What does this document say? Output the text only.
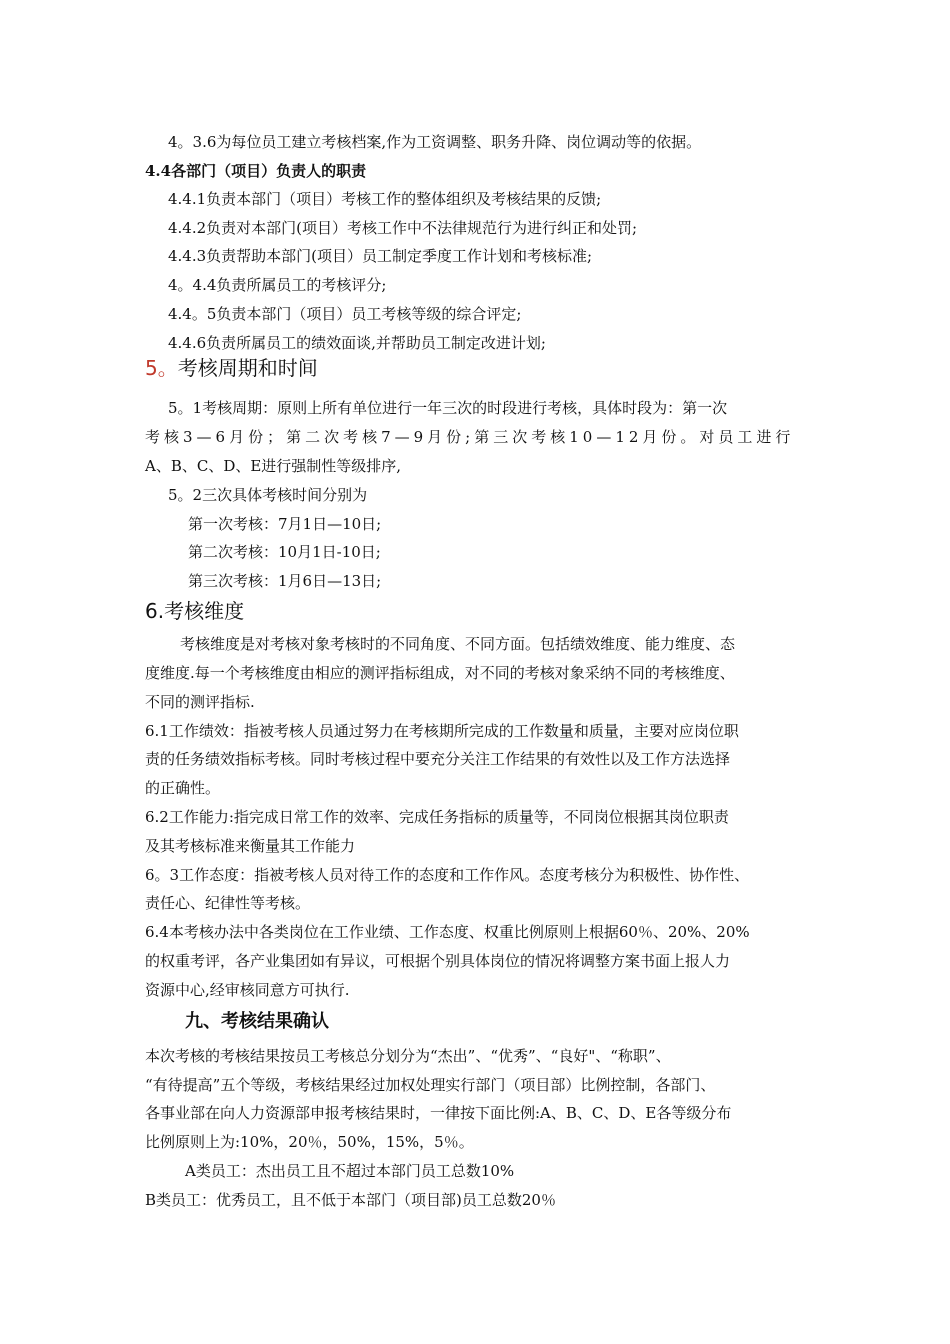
4。3.6为每位员工建立考核档案,作为工资调整、职务升降、岗位调动等的依据。
4.4各部门（项目）负责人的职责
4.4.1负责本部门（项目）考核工作的整体组织及考核结果的反馈;
4.4.2负责对本部门(项目）考核工作中不法律规范行为进行纠正和处罚;
4.4.3负责帮助本部门(项目）员工制定季度工作计划和考核标准;
4。4.4负责所属员工的考核评分;
4.4。5负责本部门（项目）员工考核等级的综合评定;
4.4.6负责所属员工的绩效面谈,并帮助员工制定改进计划;
5。考核周期和时间
5。1考核周期：原则上所有单位进行一年三次的时段进行考核，具体时段为：第一次
考核3—6月份；第二次考核7—9月份;第三次考核10—12月份。对员工进行
A、B、C、D、E进行强制性等级排序,
5。2三次具体考核时间分别为
第一次考核：7月1日—10日;
第二次考核：10月1日-10日;
第三次考核：1月6日—13日;
6.考核维度
考核维度是对考核对象考核时的不同角度、不同方面。包括绩效维度、能力维度、态
度维度.每一个考核维度由相应的测评指标组成，对不同的考核对象采纳不同的考核维度、
不同的测评指标.
6.1工作绩效：指被考核人员通过努力在考核期所完成的工作数量和质量，主要对应岗位职
责的任务绩效指标考核。同时考核过程中要充分关注工作结果的有效性以及工作方法选择
的正确性。
6.2工作能力:指完成日常工作的效率、完成任务指标的质量等，不同岗位根据其岗位职责
及其考核标准来衡量其工作能力
6。3工作态度：指被考核人员对待工作的态度和工作作风。态度考核分为积极性、协作性、
责任心、纪律性等考核。
6.4本考核办法中各类岗位在工作业绩、工作态度、权重比例原则上根据60％、20%、20%
的权重考评，各产业集团如有异议，可根据个别具体岗位的情况将调整方案书面上报人力
资源中心,经审核同意方可执行.
九、考核结果确认
本次考核的考核结果按员工考核总分划分为“杰出”、“优秀”、“良好"、“称职”、
“有待提高”五个等级，考核结果经过加权处理实行部门（项目部）比例控制，各部门、
各事业部在向人力资源部申报考核结果时，一律按下面比例:A、B、C、D、E各等级分布
比例原则上为:10%，20％，50%，15%，5％。
A类员工：杰出员工且不超过本部门员工总数10%
B类员工：优秀员工，且不低于本部门（项目部)员工总数20％
